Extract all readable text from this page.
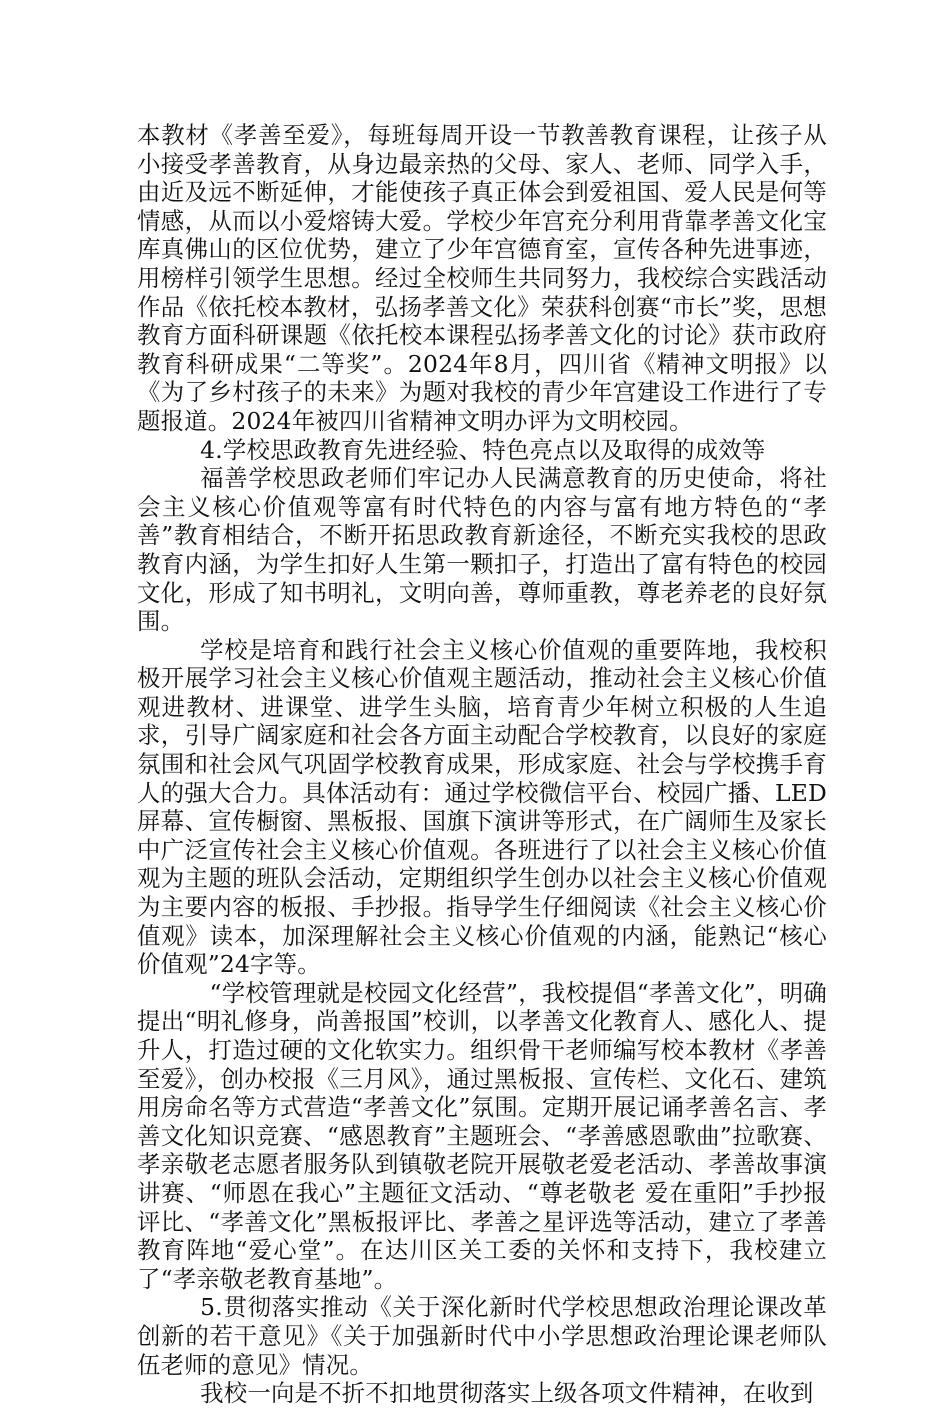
本教材《孝善至爱》，每班每周开设一节教善教育课程，让孩子从小接受孝善教育，从身边最亲热的父母、家人、老师、同学入手，由近及远不断延伸，才能使孩子真正体会到爱祖国、爱人民是何等情感，从而以小爱熔铸大爱。学校少年宫充分利用背靠孝善文化宝库真佛山的区位优势，建立了少年宫德育室，宣传各种先进事迹，用榜样引领学生思想。经过全校师生共同努力，我校综合实践活动作品《依托校本教材，弘扬孝善文化》荣获科创赛“市长”奖，思想教育方面科研课题《依托校本课程弘扬孝善文化的讨论》获市政府教育科研成果“二等奖”。2024年8月，四川省《精神文明报》以《为了乡村孩子的未来》为题对我校的青少年宫建设工作进行了专题报道。2024年被四川省精神文明办评为文明校园。

4.学校思政教育先进经验、特色亮点以及取得的成效等

福善学校思政老师们牢记办人民满意教育的历史使命，将社会主义核心价值观等富有时代特色的内容与富有地方特色的“孝善”教育相结合，不断开拓思政教育新途径，不断充实我校的思政教育内涵，为学生扣好人生第一颗扣子，打造出了富有特色的校园文化，形成了知书明礼，文明向善，尊师重教，尊老养老的良好氛围。

学校是培育和践行社会主义核心价值观的重要阵地，我校积极开展学习社会主义核心价值观主题活动，推动社会主义核心价值观进教材、进课堂、进学生头脑，培育青少年树立积极的人生追求，引导广阔家庭和社会各方面主动配合学校教育，以良好的家庭氛围和社会风气巩固学校教育成果，形成家庭、社会与学校携手育人的强大合力。具体活动有：通过学校微信平台、校园广播、LED屏幕、宣传橱窗、黑板报、国旗下演讲等形式，在广阔师生及家长中广泛宣传社会主义核心价值观。各班进行了以社会主义核心价值观为主题的班队会活动，定期组织学生创办以社会主义核心价值观为主要内容的板报、手抄报。指导学生仔细阅读《社会主义核心价值观》读本，加深理解社会主义核心价值观的内涵，能熟记“核心价值观”24字等。

“学校管理就是校园文化经营”，我校提倡“孝善文化”，明确提出“明礼修身，尚善报国”校训，以孝善文化教育人、感化人、提升人，打造过硬的文化软实力。组织骨干老师编写校本教材《孝善至爱》，创办校报《三月风》，通过黑板报、宣传栏、文化石、建筑用房命名等方式营造“孝善文化”氛围。定期开展记诵孝善名言、孝善文化知识竞赛、“感恩教育”主题班会、“孝善感恩歌曲”拉歌赛、孝亲敬老志愿者服务队到镇敬老院开展敬老爱老活动、孝善故事演讲赛、“师恩在我心”主题征文活动、“尊老敬老 爱在重阳”手抄报评比、“孝善文化”黑板报评比、孝善之星评选等活动，建立了孝善教育阵地“爱心堂”。在达川区关工委的关怀和支持下，我校建立了“孝亲敬老教育基地”。

5.贯彻落实推动《关于深化新时代学校思想政治理论课改革创新的若干意见》《关于加强新时代中小学思想政治理论课老师队伍老师的意见》情况。

我校一向是不折不扣地贯彻落实上级各项文件精神，在收到
